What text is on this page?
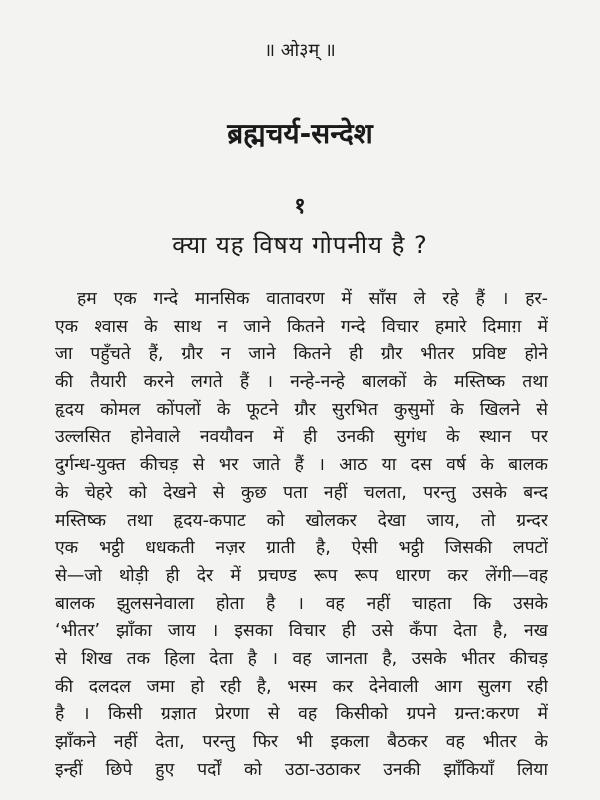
॥ ओ३म् ॥
ब्रह्मचर्य-सन्देश
१
क्या यह विषय गोपनीय है ?
हम एक गन्दे मानसिक वातावरण में साँस ले रहे हैं । हर-
एक श्वास के साथ न जाने कितने गन्दे विचार हमारे दिमाग़ में
जा पहुँचते हैं, ग्रौर न जाने कितने ही ग्रौर भीतर प्रविष्ट होने
की तैयारी करने लगते हैं । नन्हे-नन्हे बालकों के मस्तिष्क तथा
हृदय कोमल कोंपलों के फूटने ग्रौर सुरभित कुसुमों के खिलने से
उल्लसित होनेवाले नवयौवन में ही उनकी सुगंध के स्थान पर
दुर्गन्ध-युक्त कीचड़ से भर जाते हैं । आठ या दस वर्ष के बालक
के चेहरे को देखने से कुछ पता नहीं चलता, परन्तु उसके बन्द
मस्तिष्क तथा हृदय-कपाट को खोलकर देखा जाय, तो ग्रन्दर
एक भट्ठी धधकती नज़र ग्राती है, ऐसी भट्ठी जिसकी लपटों
से—जो थोड़ी ही देर में प्रचण्ड रूप रूप धारण कर लेंगी—वह
बालक झुलसनेवाला होता है । वह नहीं चाहता कि उसके
‘भीतर’ झाँका जाय । इसका विचार ही उसे कँपा देता है, नख
से शिख तक हिला देता है । वह जानता है, उसके भीतर कीचड़
की दलदल जमा हो रही है, भस्म कर देनेवाली आग सुलग रही
है । किसी ग्रज्ञात प्रेरणा से वह किसीको ग्रपने ग्रन्त:करण में
झाँकने नहीं देता, परन्तु फिर भी इकला बैठकर वह भीतर के
इन्हीं छिपे हुए पर्दों को उठा-उठाकर उनकी झाँकियाँ लिया
